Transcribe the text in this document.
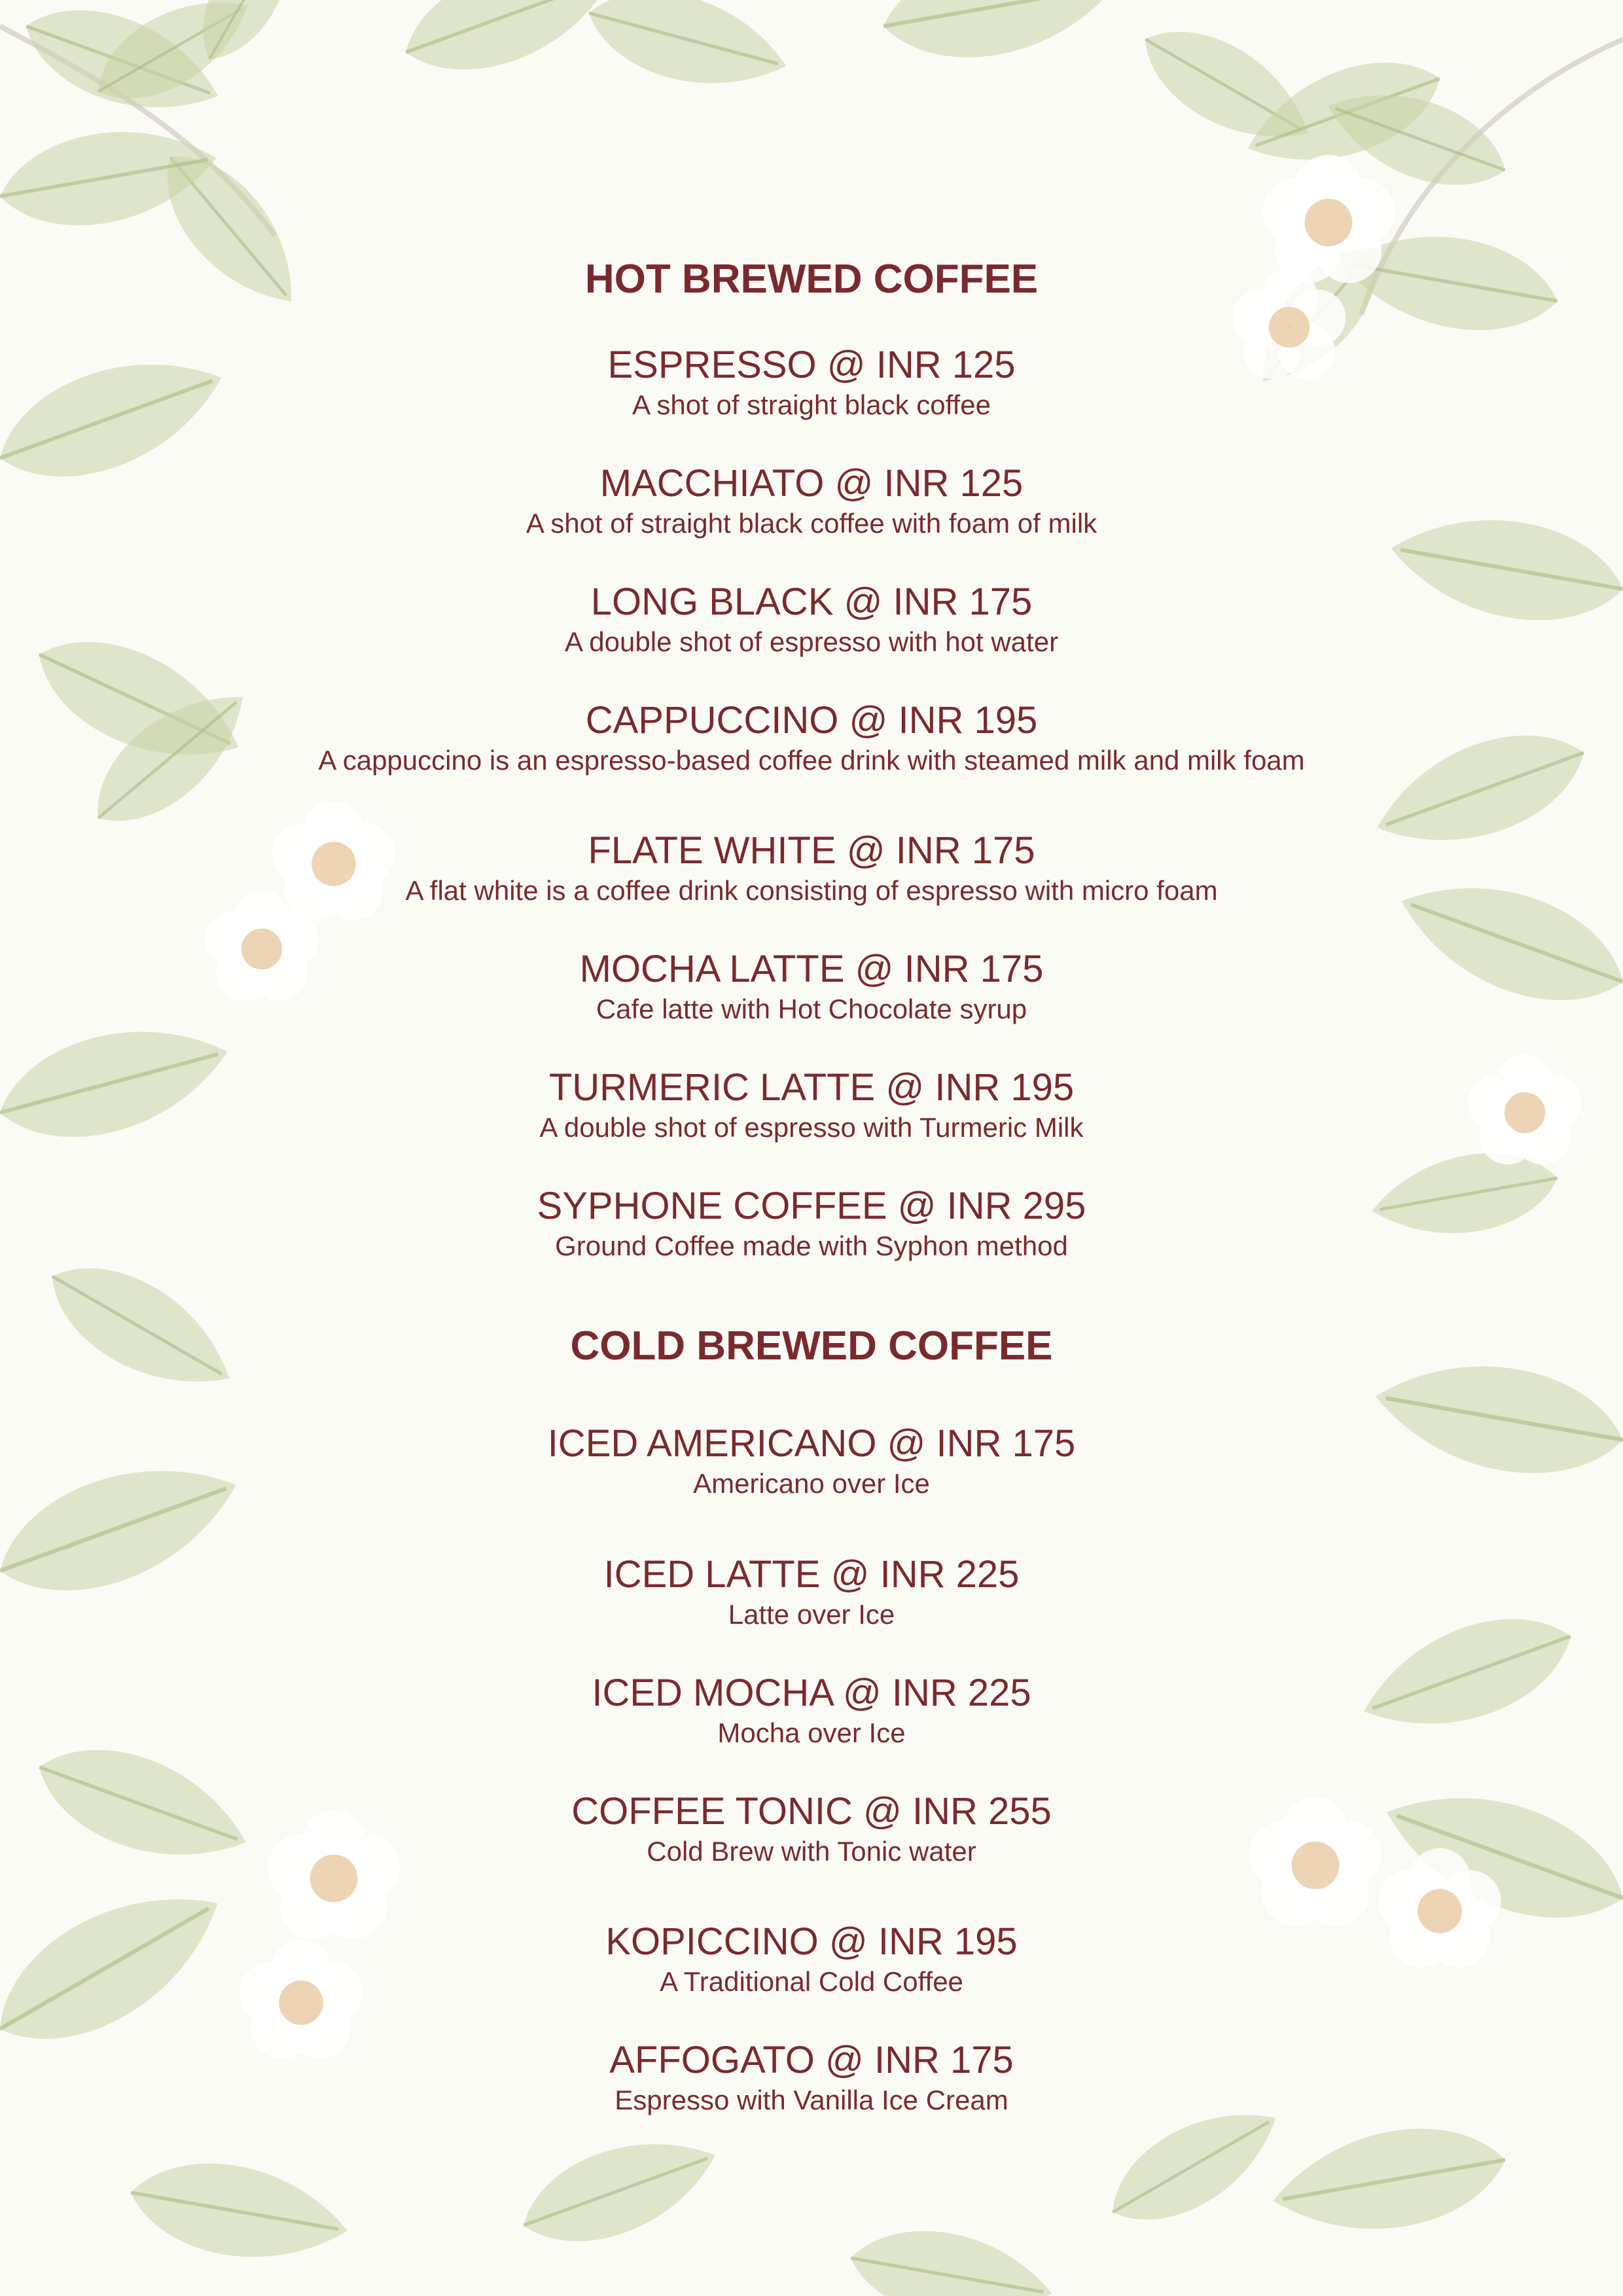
HOT BREWED COFFEE
ESPRESSO @ INR 125
A shot of straight black coffee
MACCHIATO @ INR 125
A shot of straight black coffee with foam of milk
LONG BLACK @ INR 175
A double shot of espresso with hot water
CAPPUCCINO @ INR 195
A cappuccino is an espresso-based coffee drink with steamed milk and milk foam
FLATE WHITE @ INR 175
A flat white is a coffee drink consisting of espresso with micro foam
MOCHA LATTE @ INR 175
Cafe latte with Hot Chocolate syrup
TURMERIC LATTE @ INR 195
A double shot of espresso with Turmeric Milk
SYPHONE COFFEE @ INR 295
Ground Coffee made with Syphon method
COLD BREWED COFFEE
ICED AMERICANO @ INR 175
Americano over Ice
ICED LATTE @ INR 225
Latte over Ice
ICED MOCHA @ INR 225
Mocha over Ice
COFFEE TONIC @ INR 255
Cold Brew with Tonic water
KOPICCINO @ INR 195
A Traditional Cold Coffee
AFFOGATO @ INR 175
Espresso with Vanilla Ice Cream
